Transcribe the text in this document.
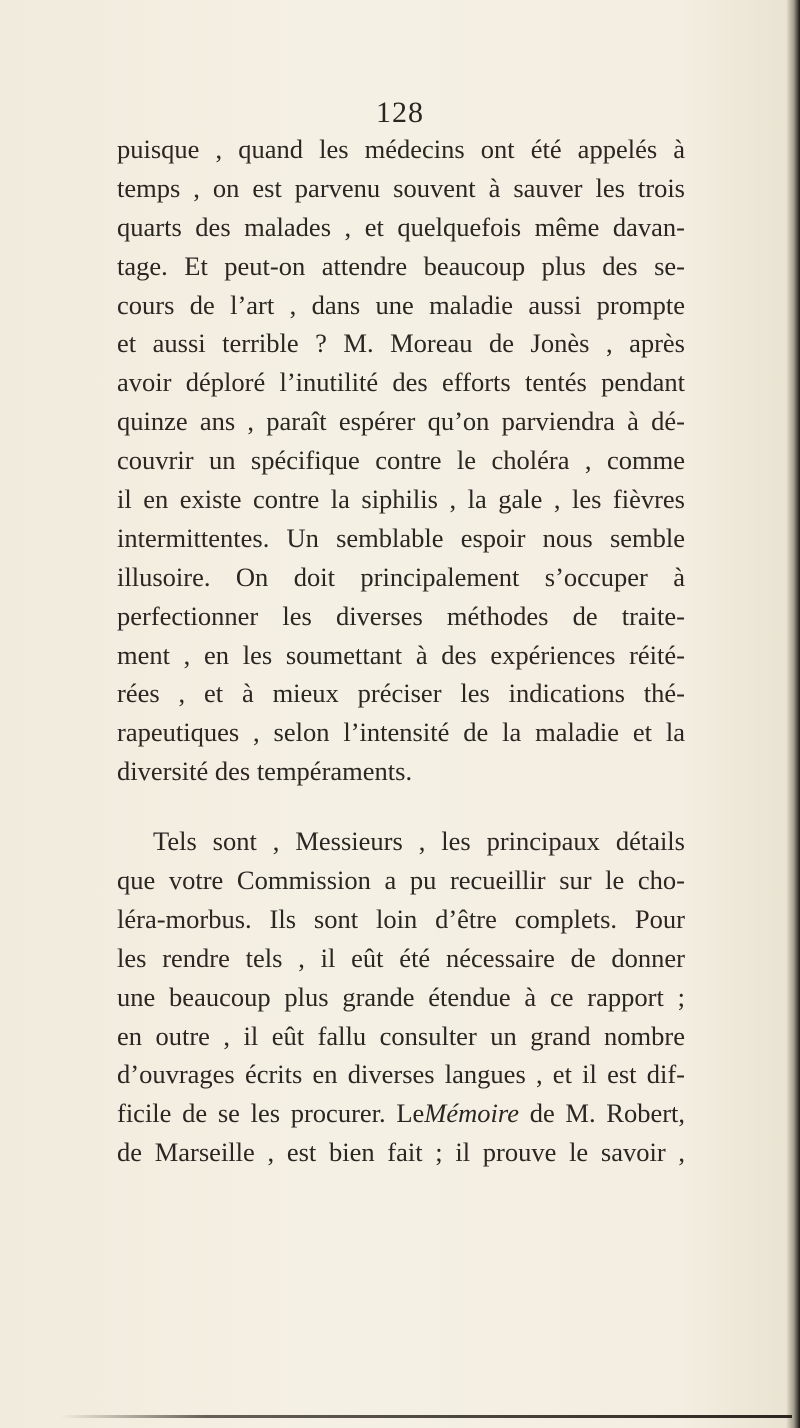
128
puisque , quand les médecins ont été appelés à
temps , on est parvenu souvent à sauver les trois
quarts des malades , et quelquefois même davan-
tage. Et peut-on attendre beaucoup plus des se-
cours de l’art , dans une maladie aussi prompte
et aussi terrible ? M. Moreau de Jonès , après
avoir déploré l’inutilité des efforts tentés pendant
quinze ans , paraît espérer qu’on parviendra à dé-
couvrir un spécifique contre le choléra , comme
il en existe contre la siphilis , la gale , les fièvres
intermittentes. Un semblable espoir nous semble
illusoire. On doit principalement s’occuper à
perfectionner les diverses méthodes de traite-
ment , en les soumettant à des expériences réité-
rées , et à mieux préciser les indications thé-
rapeutiques , selon l’intensité de la maladie et la
diversité des tempéraments.
Tels sont , Messieurs , les principaux détails
que votre Commission a pu recueillir sur le cho-
léra-morbus. Ils sont loin d’être complets. Pour
les rendre tels , il eût été nécessaire de donner
une beaucoup plus grande étendue à ce rapport ;
en outre , il eût fallu consulter un grand nombre
d’ouvrages écrits en diverses langues , et il est dif-
ficile de se les procurer. LeMémoire de M. Robert,
de Marseille , est bien fait ; il prouve le savoir ,
